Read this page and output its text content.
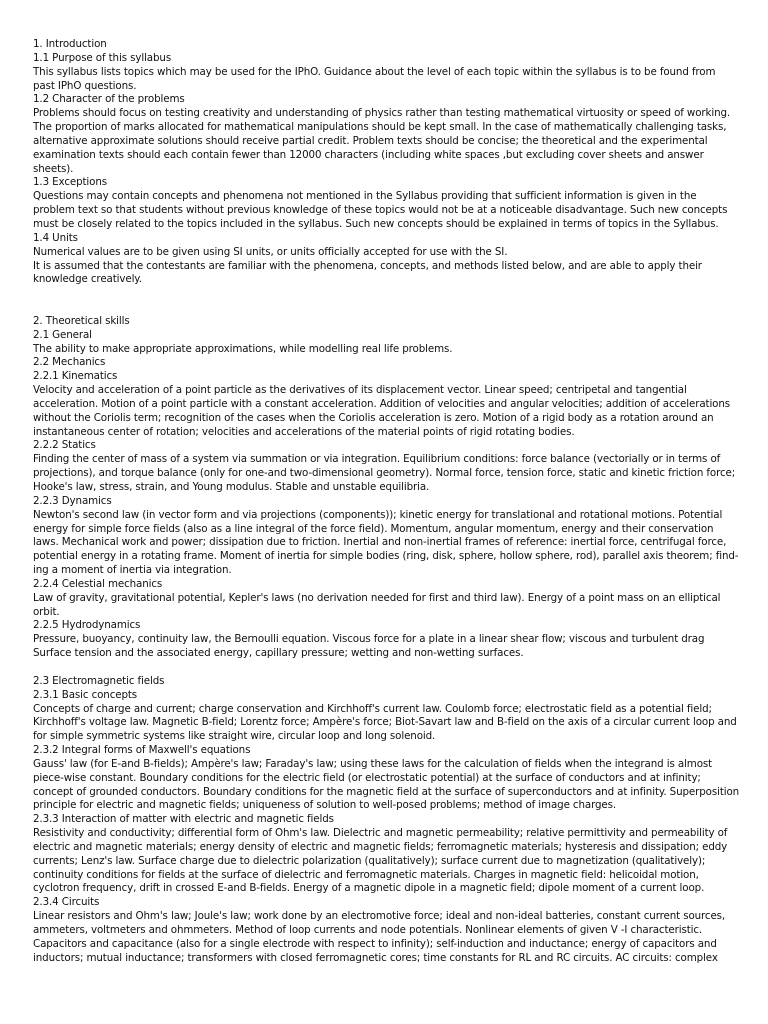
1. Introduction
1.1 Purpose of this syllabus
This syllabus lists topics which may be used for the IPhO. Guidance about the level of each topic within the syllabus is to be found from
past IPhO questions.
1.2 Character of the problems
Problems should focus on testing creativity and understanding of physics rather than testing mathematical virtuosity or speed of working.
The proportion of marks allocated for mathematical manipulations should be kept small. In the case of mathematically challenging tasks,
alternative approximate solutions should receive partial credit. Problem texts should be concise; the theoretical and the experimental
examination texts should each contain fewer than 12000 characters (including white spaces ,but excluding cover sheets and answer
sheets).
1.3 Exceptions
Questions may contain concepts and phenomena not mentioned in the Syllabus providing that sufficient information is given in the
problem text so that students without previous knowledge of these topics would not be at a noticeable disadvantage. Such new concepts
must be closely related to the topics included in the syllabus. Such new concepts should be explained in terms of topics in the Syllabus.
1.4 Units
Numerical values are to be given using SI units, or units officially accepted for use with the SI.
It is assumed that the contestants are familiar with the phenomena, concepts, and methods listed below, and are able to apply their
knowledge creatively.
2. Theoretical skills
2.1 General
The ability to make appropriate approximations, while modelling real life problems.
2.2 Mechanics
2.2.1 Kinematics
Velocity and acceleration of a point particle as the derivatives of its displacement vector. Linear speed; centripetal and tangential
acceleration. Motion of a point particle with a constant acceleration. Addition of velocities and angular velocities; addition of accelerations
without the Coriolis term; recognition of the cases when the Coriolis acceleration is zero. Motion of a rigid body as a rotation around an
instantaneous center of rotation; velocities and accelerations of the material points of rigid rotating bodies.
2.2.2 Statics
Finding the center of mass of a system via summation or via integration. Equilibrium conditions: force balance (vectorially or in terms of
projections), and torque balance (only for one-and two-dimensional geometry). Normal force, tension force, static and kinetic friction force;
Hooke's law, stress, strain, and Young modulus. Stable and unstable equilibria.
2.2.3 Dynamics
Newton's second law (in vector form and via projections (components)); kinetic energy for translational and rotational motions. Potential
energy for simple force fields (also as a line integral of the force field). Momentum, angular momentum, energy and their conservation
laws. Mechanical work and power; dissipation due to friction. Inertial and non-inertial frames of reference: inertial force, centrifugal force,
potential energy in a rotating frame. Moment of inertia for simple bodies (ring, disk, sphere, hollow sphere, rod), parallel axis theorem; find-
ing a moment of inertia via integration.
2.2.4 Celestial mechanics
Law of gravity, gravitational potential, Kepler's laws (no derivation needed for first and third law). Energy of a point mass on an elliptical
orbit.
2.2.5 Hydrodynamics
Pressure, buoyancy, continuity law, the Bernoulli equation. Viscous force for a plate in a linear shear flow; viscous and turbulent drag
Surface tension and the associated energy, capillary pressure; wetting and non-wetting surfaces.
2.3 Electromagnetic fields
2.3.1 Basic concepts
Concepts of charge and current; charge conservation and Kirchhoff's current law. Coulomb force; electrostatic field as a potential field;
Kirchhoff's voltage law. Magnetic B-field; Lorentz force; Ampère's force; Biot-Savart law and B-field on the axis of a circular current loop and
for simple symmetric systems like straight wire, circular loop and long solenoid.
2.3.2 Integral forms of Maxwell's equations
Gauss' law (for E-and B-fields); Ampère's law; Faraday's law; using these laws for the calculation of fields when the integrand is almost
piece-wise constant. Boundary conditions for the electric field (or electrostatic potential) at the surface of conductors and at infinity;
concept of grounded conductors. Boundary conditions for the magnetic field at the surface of superconductors and at infinity. Superposition
principle for electric and magnetic fields; uniqueness of solution to well-posed problems; method of image charges.
2.3.3 Interaction of matter with electric and magnetic fields
Resistivity and conductivity; differential form of Ohm's law. Dielectric and magnetic permeability; relative permittivity and permeability of
electric and magnetic materials; energy density of electric and magnetic fields; ferromagnetic materials; hysteresis and dissipation; eddy
currents; Lenz's law. Surface charge due to dielectric polarization (qualitatively); surface current due to magnetization (qualitatively);
continuity conditions for fields at the surface of dielectric and ferromagnetic materials. Charges in magnetic field: helicoidal motion,
cyclotron frequency, drift in crossed E-and B-fields. Energy of a magnetic dipole in a magnetic field; dipole moment of a current loop.
2.3.4 Circuits
Linear resistors and Ohm's law; Joule's law; work done by an electromotive force; ideal and non-ideal batteries, constant current sources,
ammeters, voltmeters and ohmmeters. Method of loop currents and node potentials. Nonlinear elements of given V -I characteristic.
Capacitors and capacitance (also for a single electrode with respect to infinity); self-induction and inductance; energy of capacitors and
inductors; mutual inductance; transformers with closed ferromagnetic cores; time constants for RL and RC circuits. AC circuits: complex
